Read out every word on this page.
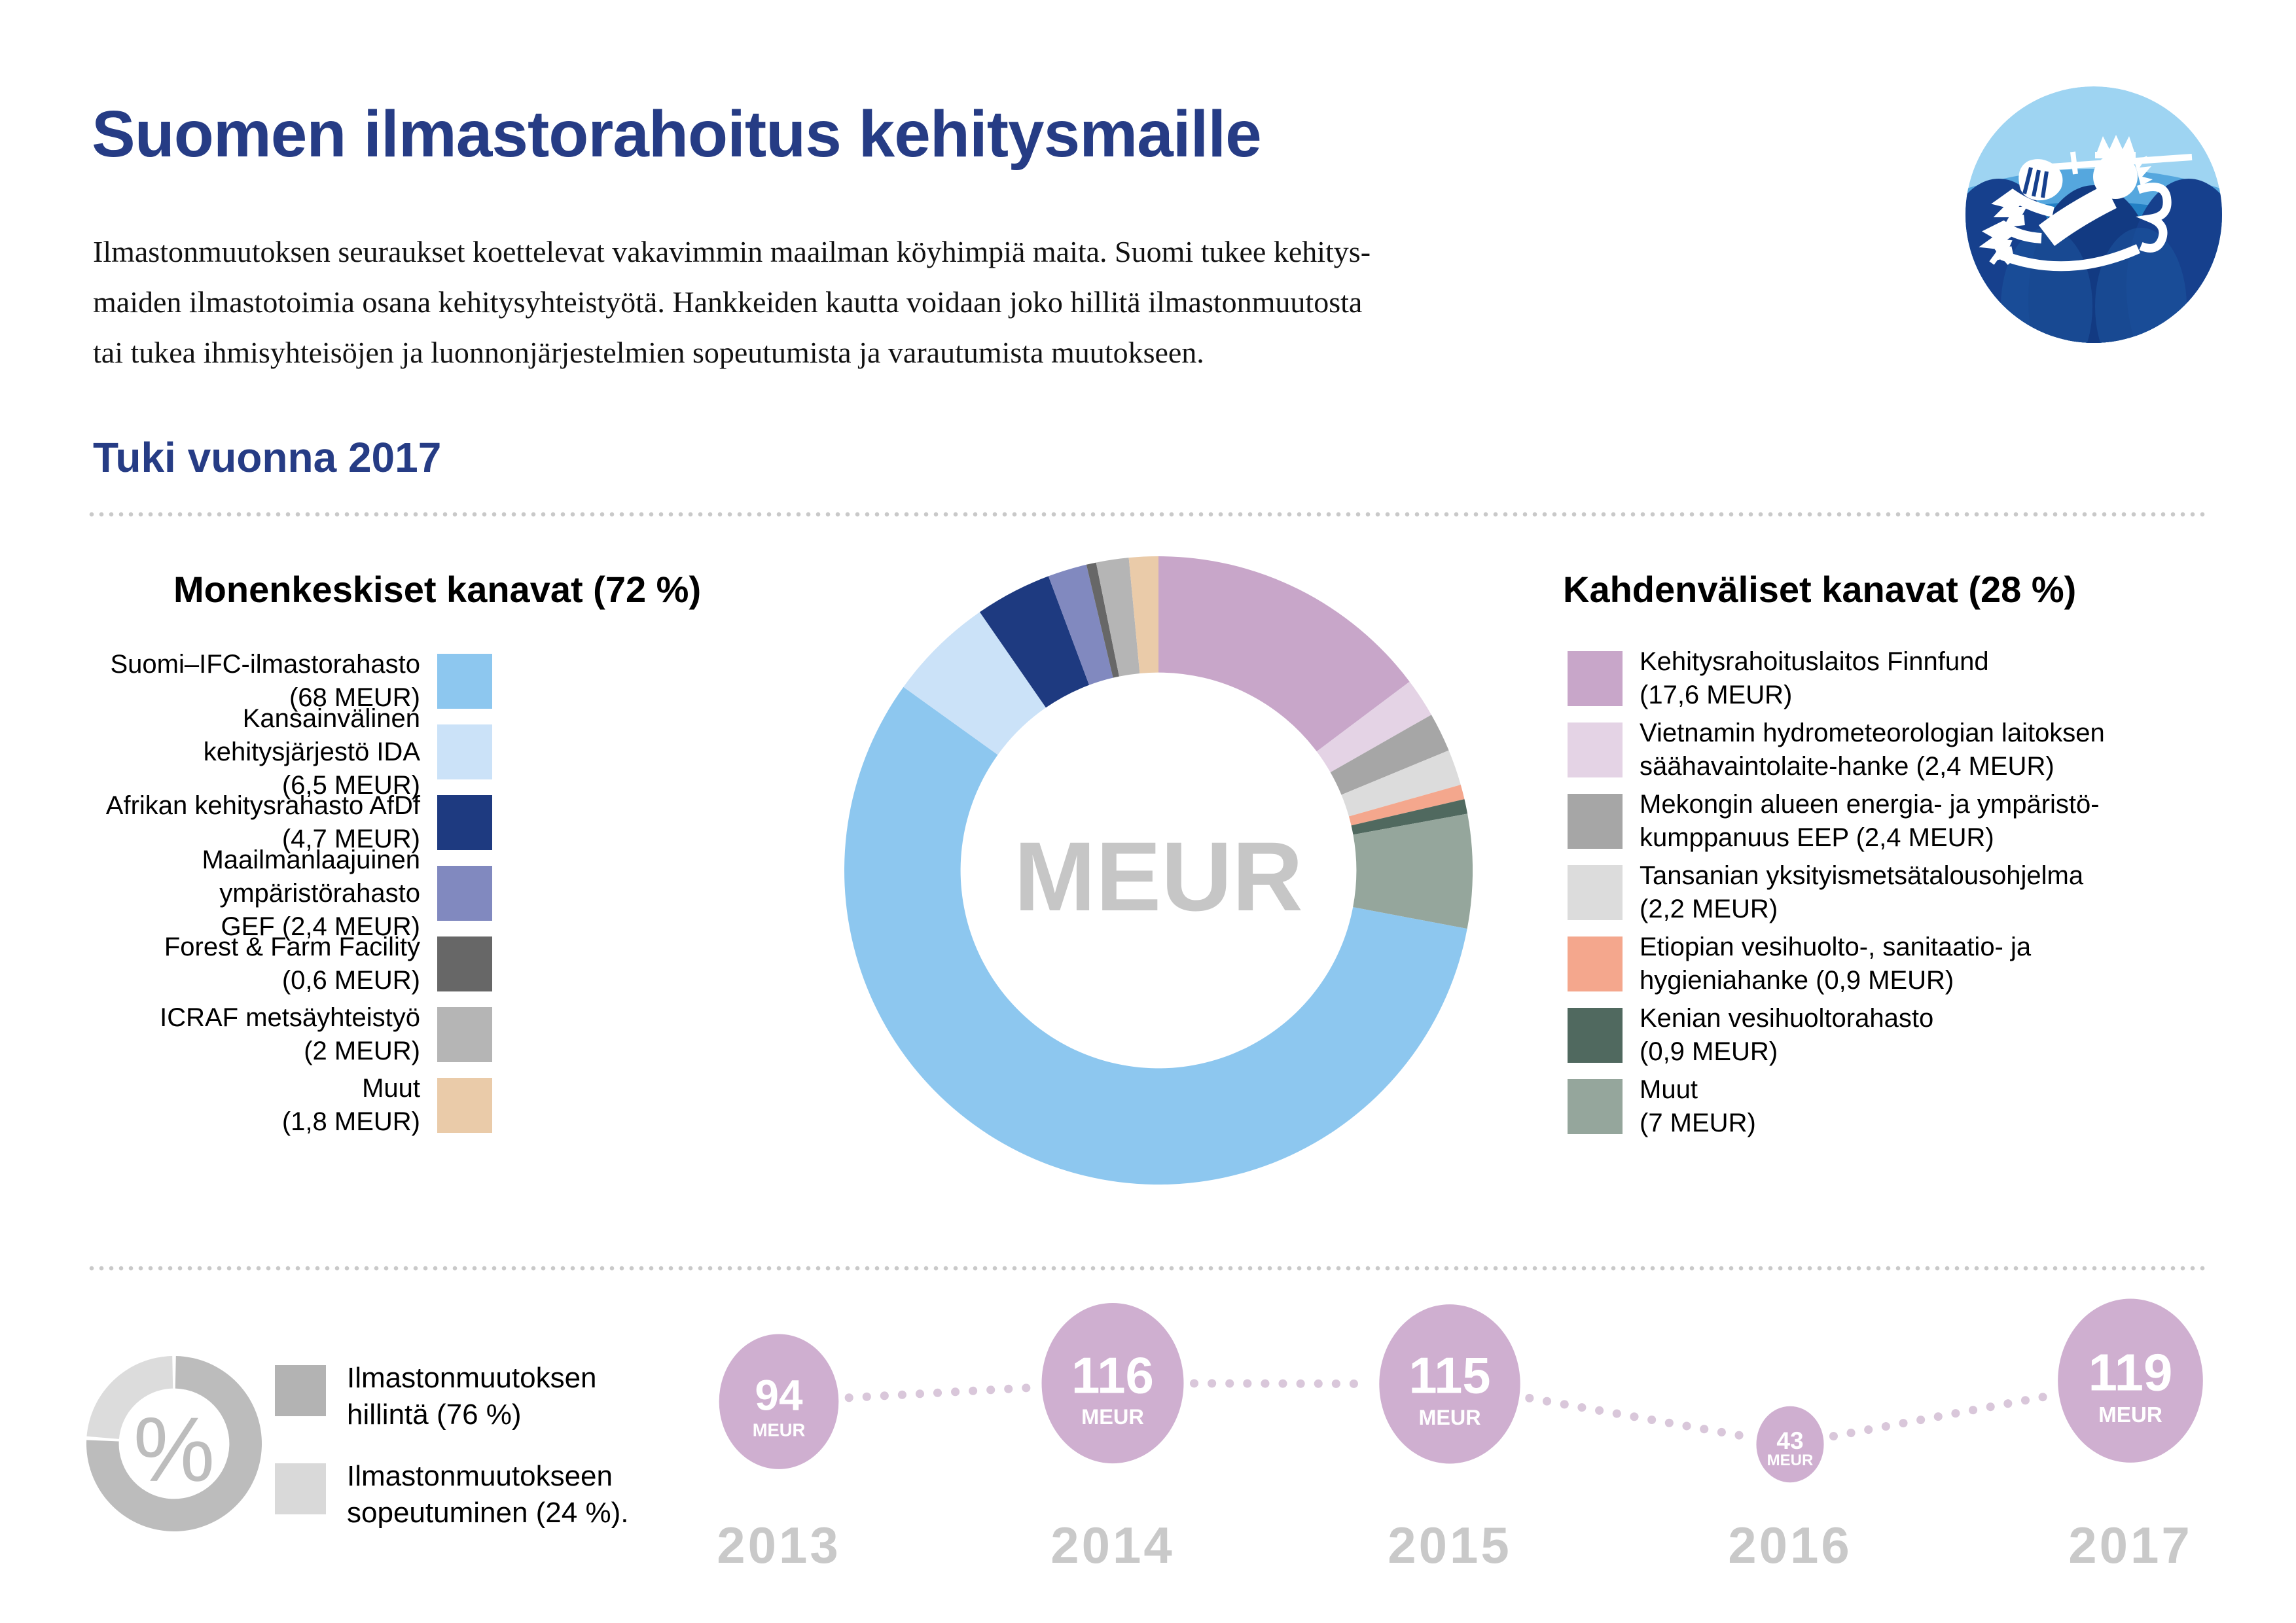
Suomen ilmastorahoitus kehitysmaille
Ilmastonmuutoksen seuraukset koettelevat vakavimmin maailman köyhimpiä maita. Suomi tukee kehitys-
maiden ilmastotoimia osana kehitysyhteistyötä. Hankkeiden kautta voidaan joko hillitä ilmastonmuutosta
tai tukea ihmisyhteisöjen ja luonnonjärjestelmien sopeutumista ja varautumista muutokseen.
Tuki vuonna 2017
Monenkeskiset kanavat (72 %)	Kahdenväliset kanavat (28 %)
Suomi–IFC-ilmastorahasto
(68 MEUR)
Kansainvälinen kehitysjärjestö IDA
(6,5 MEUR)
Afrikan kehitysrahasto AfDf
(4,7 MEUR)
Maailmanlaajuinen ympäristörahasto
GEF (2,4 MEUR)
Forest & Farm Facility
(0,6 MEUR)
ICRAF metsäyhteistyö
(2 MEUR)
Muut
(1,8 MEUR)
Kehitysrahoituslaitos Finnfund
(17,6 MEUR)
Vietnamin hydrometeorologian laitoksen
säähavaintolaite-hanke (2,4 MEUR)
Mekongin alueen energia- ja ympäristö-
kumppanuus EEP (2,4 MEUR)
Tansanian yksityismetsätalousohjelma
(2,2 MEUR)
Etiopian vesihuolto-, sanitaatio- ja
hygieniahanke (0,9 MEUR)
Kenian vesihuoltorahasto
(0,9 MEUR)
Muut
(7 MEUR)
MEUR
%
Ilmastonmuutoksen
hillintä (76 %)
Ilmastonmuutokseen
sopeutuminen (24 %).
94
MEUR
2013
116
MEUR
2014
115
MEUR
2015
43
MEUR
2016
119
MEUR
2017
